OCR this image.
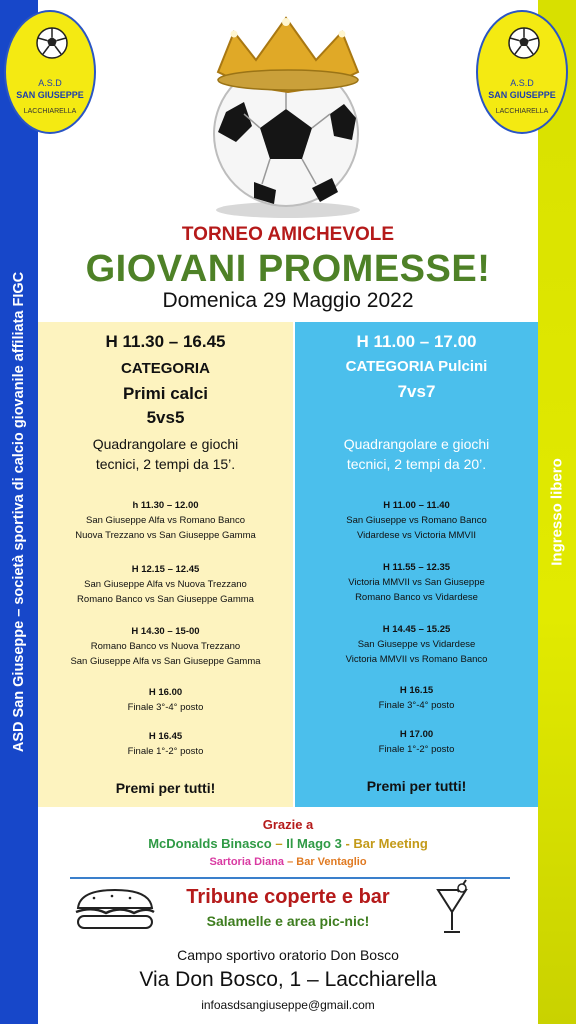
ASD San Giuseppe – società sportiva di calcio giovanile affiliata FIGC	Ingresso libero
A.S.D
SAN GIUSEPPE
LACCHIARELLA
A.S.D
SAN GIUSEPPE
LACCHIARELLA
TORNEO AMICHEVOLE
GIOVANI PROMESSE!
Domenica 29 Maggio 2022
H 11.30 – 16.45
CATEGORIA
Primi calci
5vs5
Quadrangolare e giochi
tecnici, 2 tempi da 15’.
h 11.30 – 12.00
San Giuseppe Alfa vs Romano Banco
Nuova Trezzano vs San Giuseppe Gamma
H 12.15 – 12.45
San Giuseppe Alfa vs Nuova Trezzano
Romano Banco vs San Giuseppe Gamma
H 14.30 – 15-00
Romano Banco vs Nuova Trezzano
San Giuseppe Alfa vs San Giuseppe Gamma
H 16.00
Finale 3°-4° posto
H 16.45
Finale 1°-2° posto
Premi per tutti!
H 11.00 – 17.00
CATEGORIA Pulcini
7vs7
Quadrangolare e giochi
tecnici, 2 tempi da 20’.
H 11.00 – 11.40
San Giuseppe vs Romano Banco
Vidardese vs Victoria MMVII
H 11.55 – 12.35
Victoria MMVII vs San Giuseppe
Romano Banco vs Vidardese
H 14.45 – 15.25
San Giuseppe vs Vidardese
Victoria MMVII vs Romano Banco
H 16.15
Finale 3°-4° posto
H 17.00
Finale 1°-2° posto
Premi per tutti!
Grazie a
McDonalds Binasco – Il Mago 3 - Bar Meeting
Sartoria Diana – Bar Ventaglio
Tribune coperte e bar
Salamelle e area pic-nic!
Campo sportivo oratorio Don Bosco
Via Don Bosco, 1 – Lacchiarella
infoasdsangiuseppe@gmail.com
